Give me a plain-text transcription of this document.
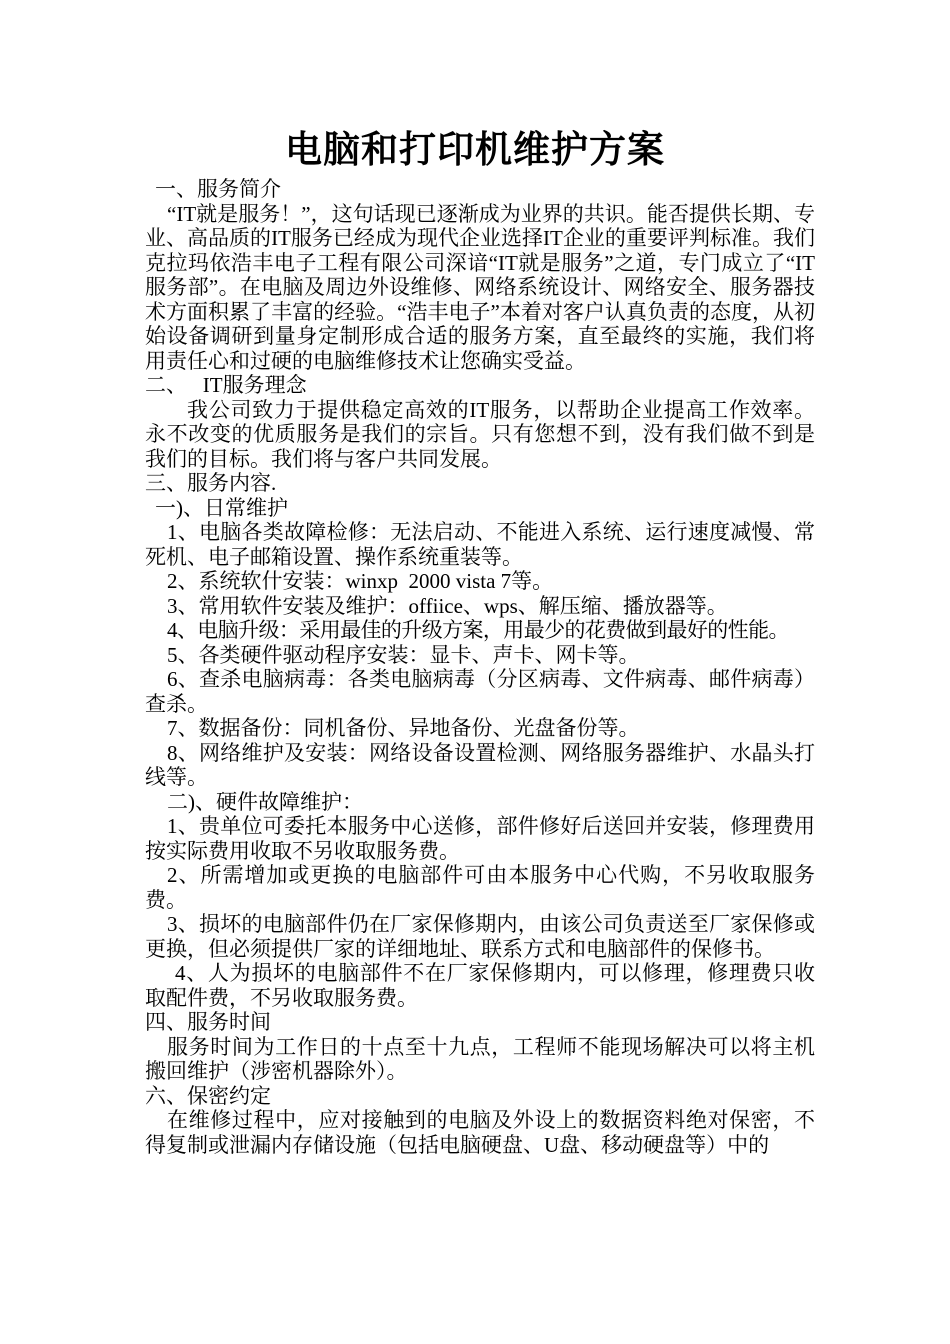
电脑和打印机维护方案

一、服务简介

“IT就是服务！”，这句话现已逐渐成为业界的共识。能否提供长期、专业、高品质的IT服务已经成为现代企业选择IT企业的重要评判标准。我们克拉玛依浩丰电子工程有限公司深谙“IT就是服务”之道，专门成立了“IT服务部”。在电脑及周边外设维修、网络系统设计、网络安全、服务器技术方面积累了丰富的经验。“浩丰电子”本着对客户认真负责的态度，从初始设备调研到量身定制形成合适的服务方案，直至最终的实施，我们将用责任心和过硬的电脑维修技术让您确实受益。

二、   IT服务理念

我公司致力于提供稳定高效的IT服务，以帮助企业提高工作效率。永不改变的优质服务是我们的宗旨。只有您想不到，没有我们做不到是我们的目标。我们将与客户共同发展。

三、服务内容.

一)、日常维护

1、电脑各类故障检修：无法启动、不能进入系统、运行速度减慢、常死机、电子邮箱设置、操作系统重装等。

2、系统软什安装：winxp  2000 vista 7等。

3、常用软件安装及维护：offiice、wps、解压缩、播放器等。

4、电脑升级：采用最佳的升级方案，用最少的花费做到最好的性能。

5、各类硬件驱动程序安装：显卡、声卡、网卡等。

6、查杀电脑病毒：各类电脑病毒（分区病毒、文件病毒、邮件病毒）查杀。

7、数据备份：同机备份、异地备份、光盘备份等。

8、网络维护及安装：网络设备设置检测、网络服务器维护、水晶头打线等。

二)、硬件故障维护：

1、贵单位可委托本服务中心送修，部件修好后送回并安装，修理费用按实际费用收取不另收取服务费。

2、所需增加或更换的电脑部件可由本服务中心代购，不另收取服务费。

3、损坏的电脑部件仍在厂家保修期内，由该公司负责送至厂家保修或更换，但必须提供厂家的详细地址、联系方式和电脑部件的保修书。

4、人为损坏的电脑部件不在厂家保修期内，可以修理，修理费只收取配件费，不另收取服务费。

四、服务时间

服务时间为工作日的十点至十九点，工程师不能现场解决可以将主机搬回维护（涉密机器除外）。

六、保密约定

在维修过程中，应对接触到的电脑及外设上的数据资料绝对保密，不得复制或泄漏内存储设施（包括电脑硬盘、U盘、移动硬盘等）中的
